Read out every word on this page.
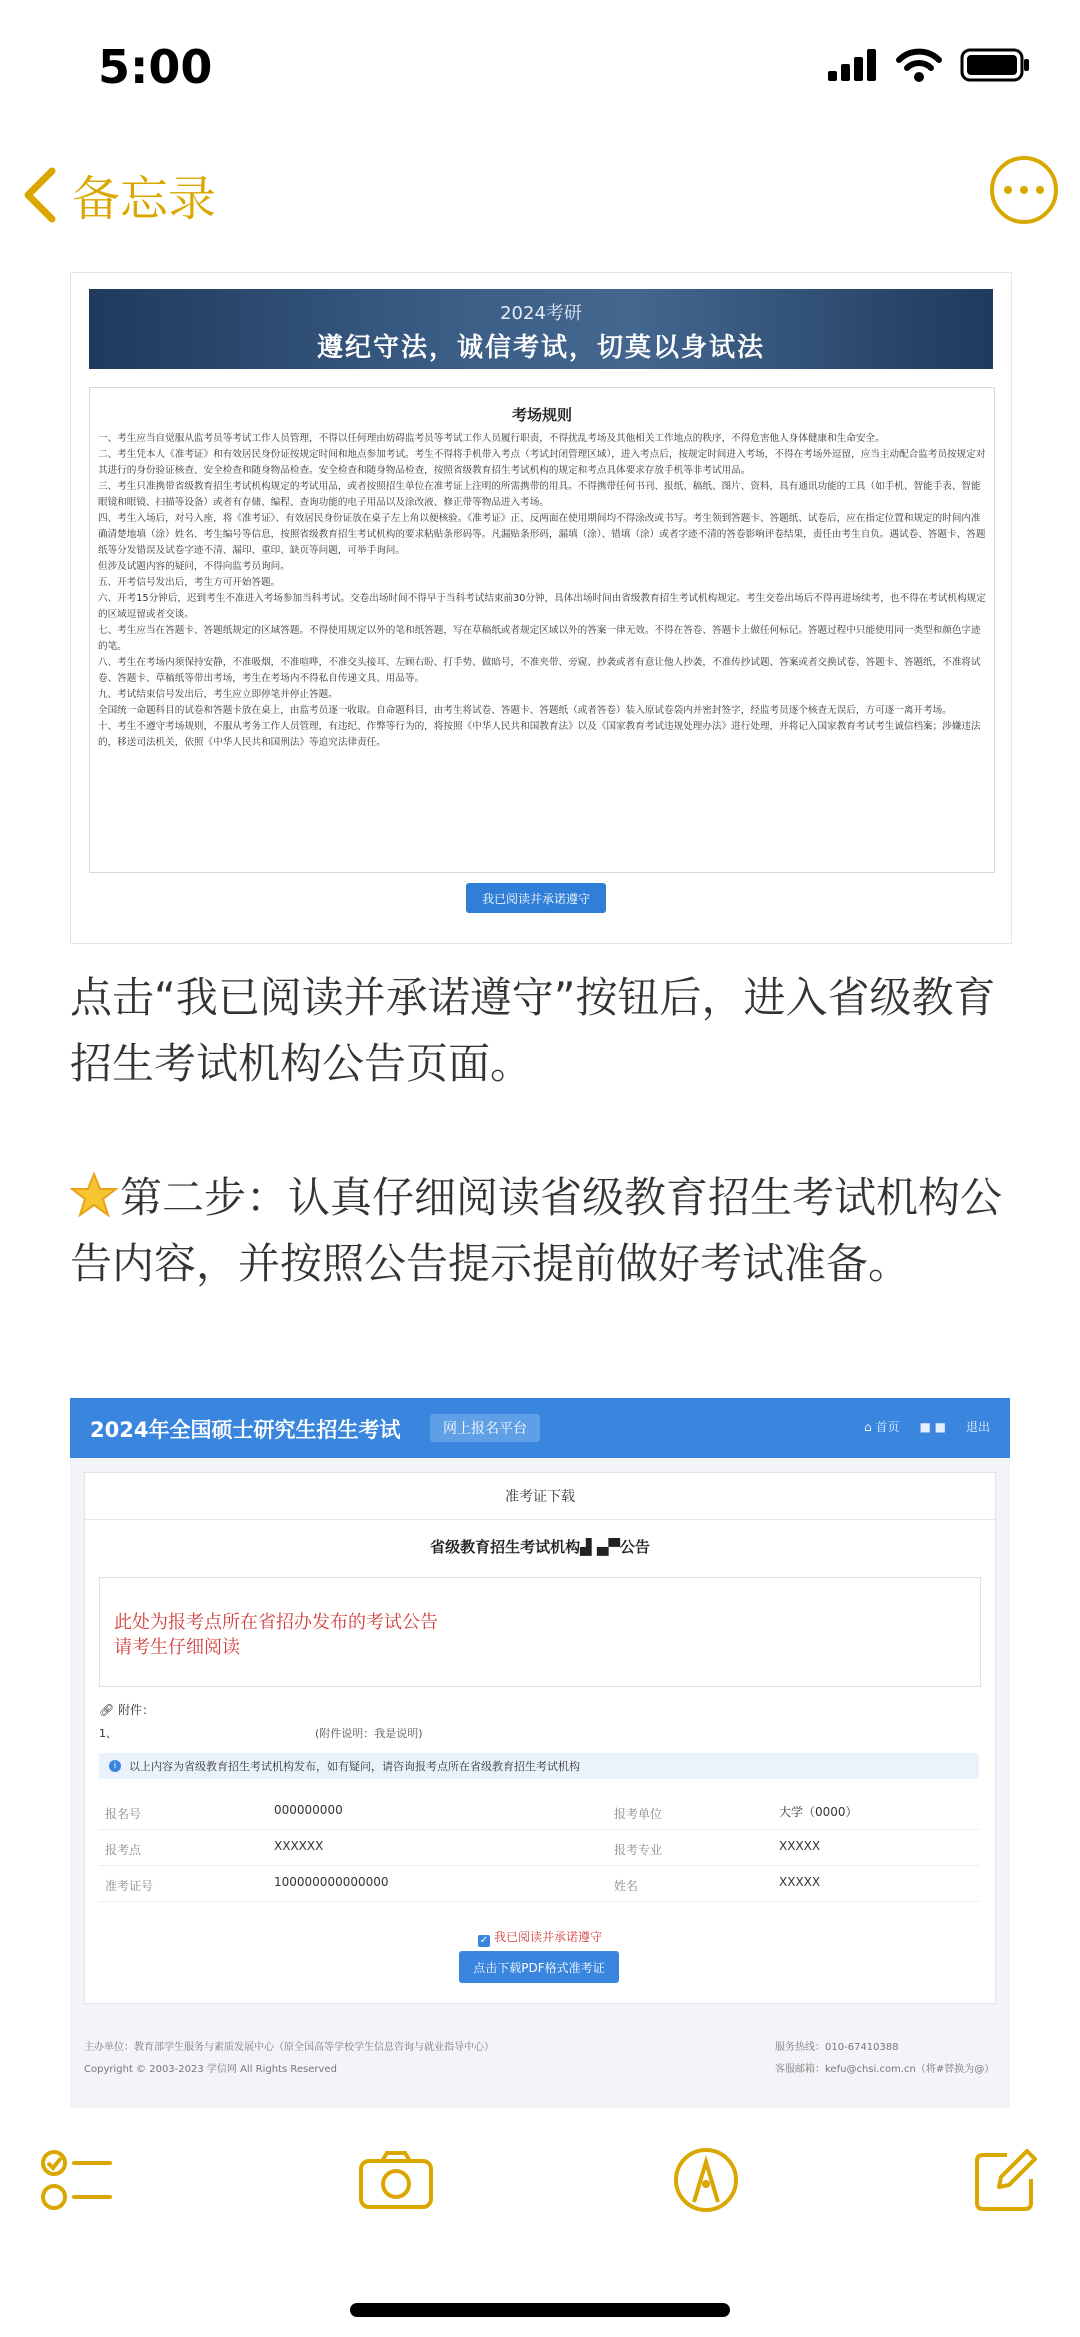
5:00
备忘录
2024考研
遵纪守法，诚信考试，切莫以身试法
考场规则
一、考生应当自觉服从监考员等考试工作人员管理，不得以任何理由妨碍监考员等考试工作人员履行职责，不得扰乱考场及其他相关工作地点的秩序，不得危害他人身体健康和生命安全。
二、考生凭本人《准考证》和有效居民身份证按规定时间和地点参加考试。考生不得将手机带入考点（考试封闭管理区域），进入考点后，按规定时间进入考场，不得在考场外逗留，应当主动配合监考员按规定对其进行的身份验证核查、安全检查和随身物品检查。安全检查和随身物品检查，按照省级教育招生考试机构的规定和考点具体要求存放手机等非考试用品。
三、考生只准携带省级教育招生考试机构规定的考试用品，或者按照招生单位在准考证上注明的所需携带的用具。不得携带任何书刊、报纸、稿纸、图片、资料，具有通讯功能的工具（如手机、智能手表、智能眼镜和眼镜、扫描等设备）或者有存储、编程、查询功能的电子用品以及涂改液、修正带等物品进入考场。
四、考生入场后，对号入座，将《准考证》、有效居民身份证放在桌子左上角以便核验。《准考证》正、反两面在使用期间均不得涂改或书写。考生领到答题卡、答题纸、试卷后，应在指定位置和规定的时间内准确清楚地填（涂）姓名、考生编号等信息，按照省级教育招生考试机构的要求粘贴条形码等。凡漏贴条形码，漏填（涂）、错填（涂）或者字迹不清的答卷影响评卷结果，责任由考生自负。遇试卷、答题卡、答题纸等分发错误及试卷字迹不清、漏印、重印、缺页等问题，可举手询问。
但涉及试题内容的疑问，不得向监考员询问。
五、开考信号发出后，考生方可开始答题。
六、开考15分钟后，迟到考生不准进入考场参加当科考试。交卷出场时间不得早于当科考试结束前30分钟，具体出场时间由省级教育招生考试机构规定。考生交卷出场后不得再进场续考，也不得在考试机构规定的区域逗留或者交谈。
七、考生应当在答题卡、答题纸规定的区域答题。不得使用规定以外的笔和纸答题，写在草稿纸或者规定区域以外的答案一律无效。不得在答卷、答题卡上做任何标记。答题过程中只能使用同一类型和颜色字迹的笔。
八、考生在考场内须保持安静，不准吸烟，不准喧哗，不准交头接耳、左顾右盼、打手势、做暗号，不准夹带、旁窥、抄袭或者有意让他人抄袭，不准传抄试题、答案或者交换试卷、答题卡、答题纸，不准将试卷、答题卡、草稿纸等带出考场，考生在考场内不得私自传递文具、用品等。
九、考试结束信号发出后，考生应立即停笔并停止答题。
全国统一命题科目的试卷和答题卡放在桌上，由监考员逐一收取。自命题科目，由考生将试卷、答题卡、答题纸（或者答卷）装入原试卷袋内并密封签字，经监考员逐个核查无误后，方可逐一离开考场。
十、考生不遵守考场规则，不服从考务工作人员管理，有违纪、作弊等行为的，将按照《中华人民共和国教育法》以及《国家教育考试违规处理办法》进行处理，并将记入国家教育考试考生诚信档案；涉嫌违法的，移送司法机关，依照《中华人民共和国刑法》等追究法律责任。
我已阅读并承诺遵守
点击“我已阅读并承诺遵守”按钮后，进入省级教育招生考试机构公告页面。
第二步：认真仔细阅读省级教育招生考试机构公告内容，并按照公告提示提前做好考试准备。
2024年全国硕士研究生招生考试	网上报名平台	⌂ 首页 ■ ■ 退出
准考证下载
省级教育招生考试机构▟ ▄▀公告
此处为报考点所在省招办发布的考试公告
请考生仔细阅读
🔗︎ 附件：
1、	(附件说明：我是说明)
i	以上内容为省级教育招生考试机构发布，如有疑问，请咨询报考点所在省级教育招生考试机构
报名号	000000000	报考单位	大学（0000）
报考点	XXXXXX	报考专业	XXXXX
准考证号	100000000000000	姓名	XXXXX
✓ 我已阅读并承诺遵守
点击下载PDF格式准考证
主办单位：教育部学生服务与素质发展中心（原全国高等学校学生信息咨询与就业指导中心）
Copyright © 2003-2023 学信网 All Rights Reserved
服务热线：010-67410388
客服邮箱：kefu@chsi.com.cn（将#替换为@）
